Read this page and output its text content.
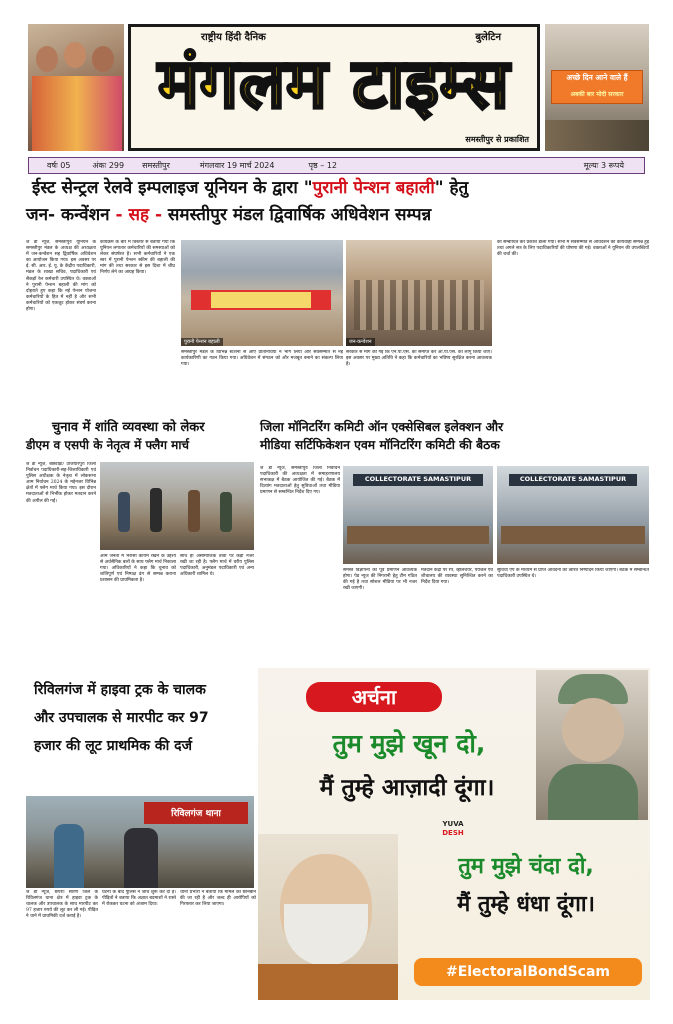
राष्ट्रीय हिंदी दैनिक	बुलेटिन
मंगलम टाइम्स
समस्तीपुर से प्रकाशित
अच्छे दिन आने वाले हैं
अबकी बार मोदी सरकार
वर्षः 05	अंकः 299 समस्तीपुर	मंगलवार 19 मार्च 2024	पृष्ठ – 12	मूल्यः 3 रूपये
ईस्ट सेन्ट्रल रेलवे इम्पलाइज यूनियन के द्वारा "पुरानी पेन्शन बहाली" हेतु
जन- कन्वेंशन - सह - समस्तीपुर मंडल द्विवार्षिक अधिवेशन सम्पन्न
जे डी न्यूज, समस्तीपुरः यूनियन के समस्तीपुर मंडल के अध्यक्ष की अध्यक्षता में जन-कन्वेंशन सह द्विवार्षिक अधिवेशन का आयोजन किया गया। इस अवसर पर ई. सी. आर. ई. यू. के केंद्रीय पदाधिकारी, मंडल के शाखा सचिव, पदाधिकारी एवं सैकड़ों रेल कर्मचारी उपस्थित थे। वक्ताओं ने पुरानी पेन्शन बहाली की मांग को दोहराते हुए कहा कि नई पेन्शन योजना कर्मचारियों के हित में नहीं है और सभी कर्मचारियों को एकजुट होकर संघर्ष करना होगा।
कार्यक्रम के बारे में विस्तार से बताया गया कि यूनियन लगातार कर्मचारियों की समस्याओं को लेकर संघर्षरत है। सभी कर्मचारियों ने एक स्वर में पुरानी पेन्शन स्कीम की बहाली की मांग की तथा सरकार से इस दिशा में शीघ्र निर्णय लेने का आग्रह किया।
पुरानी पेन्शन बहाली	जन-कन्वेंशन
समस्तीपुर मंडल के विभिन्न स्टेशनों से आए प्रतिनिधियों ने भाग लिया और सर्वसम्मति से नई कार्यकारिणी का गठन किया गया। अधिवेशन में संगठन को और मजबूत बनाने का संकल्प लिया गया।
सरकार से मांग की गई कि एन.पी.एस. को समाप्त कर ओ.पी.एस. को लागू किया जाए। इस अवसर पर मुख्य अतिथि ने कहा कि कर्मचारियों का भविष्य सुरक्षित करना आवश्यक है।
को सम्बोधित कर प्रकाश डाला गया। सभा में सर्वसम्मति से अधिवेशन की कार्यवाही सम्पन्न हुई तथा अगले सत्र के लिए पदाधिकारियों की घोषणा की गई। वक्ताओं ने यूनियन की उपलब्धियों की चर्चा की।
चुनाव में शांति व्यवस्था को लेकर
डीएम व एसपी के नेतृत्व में फ्लैग मार्च
जे डी न्यूज, बछवाड़ा/ उजियारपुरः जिला निर्वाचन पदाधिकारी-सह-जिलाधिकारी एवं पुलिस अधीक्षक के नेतृत्व में लोकसभा आम निर्वाचन 2024 के मद्देनजर विभिन्न क्षेत्रों में फ्लैग मार्च किया गया। इस दौरान मतदाताओं से निर्भीक होकर मतदान करने की अपील की गई।
आम जनता में भरोसा कायम रखने के उद्देश्य से अर्धसैनिक बलों के साथ फ्लैग मार्च निकाला गया। अधिकारियों ने कहा कि चुनाव को शांतिपूर्ण एवं निष्पक्ष ढंग से सम्पन्न कराना प्रशासन की प्राथमिकता है।
साथ ही असामाजिक तत्वों पर कड़ी नजर रखी जा रही है। फ्लैग मार्च में वरीय पुलिस पदाधिकारी, अनुमंडल पदाधिकारी एवं अन्य अधिकारी शामिल थे।
जिला मॉनिटरिंग कमिटी ऑन एक्सेसिबल इलेक्शन और
मीडिया सर्टिफिकेशन एवम मॉनिटरिंग कमिटी की बैठक
जे डी न्यूज, समस्तीपुरः जिला निर्वाचन पदाधिकारी की अध्यक्षता में समाहरणालय सभाकक्ष में बैठक आयोजित की गई। बैठक में दिव्यांग मतदाताओं हेतु सुविधाओं तथा मीडिया प्रमाणन से सम्बन्धित निर्देश दिए गए।
COLLECTORATE SAMASTIPUR	COLLECTORATE SAMASTIPUR
समस्त विज्ञापनों का पूर्व प्रमाणन आवश्यक होगा। पेड न्यूज की निगरानी हेतु टीम गठित की गई है तथा सोशल मीडिया पर भी नजर रखी जाएगी।
मतदान केंद्रों पर रैंप, व्हीलचेयर, पेयजल एवं शौचालय की व्यवस्था सुनिश्चित करने का निर्देश दिया गया।
सुविधा ऐप के माध्यम से प्राप्त आवेदनों का त्वरित निष्पादन किया जाएगा। बैठक में सम्बन्धित पदाधिकारी उपस्थित थे।
रिविलगंज में हाइवा ट्रक के चालक
और उपचालक से मारपीट कर 97
हजार की लूट प्राथमिक की दर्ज
रिविलगंज थाना
जे डी न्यूज, छपराः सारण जिले के रिविलगंज थाना क्षेत्र में हाइवा ट्रक के चालक और उपचालक के साथ मारपीट कर 97 हजार रुपये की लूट कर ली गई। पीड़ित ने थाने में प्राथमिकी दर्ज कराई है।
घटना के बाद पुलिस ने जांच शुरू कर दी है। पीड़ितों ने बताया कि अज्ञात बदमाशों ने रास्ते में रोककर घटना को अंजाम दिया।
थाना प्रभारी ने बताया कि मामले की छानबीन की जा रही है और जल्द ही आरोपियों को गिरफ्तार कर लिया जाएगा।
अर्चना
तुम मुझे खून दो,
मैं तुम्हे आज़ादी दूंगा।
YUVA
DESH
तुम मुझे चंदा दो,
मैं तुम्हे धंधा दूंगा।
#ElectoralBondScam
